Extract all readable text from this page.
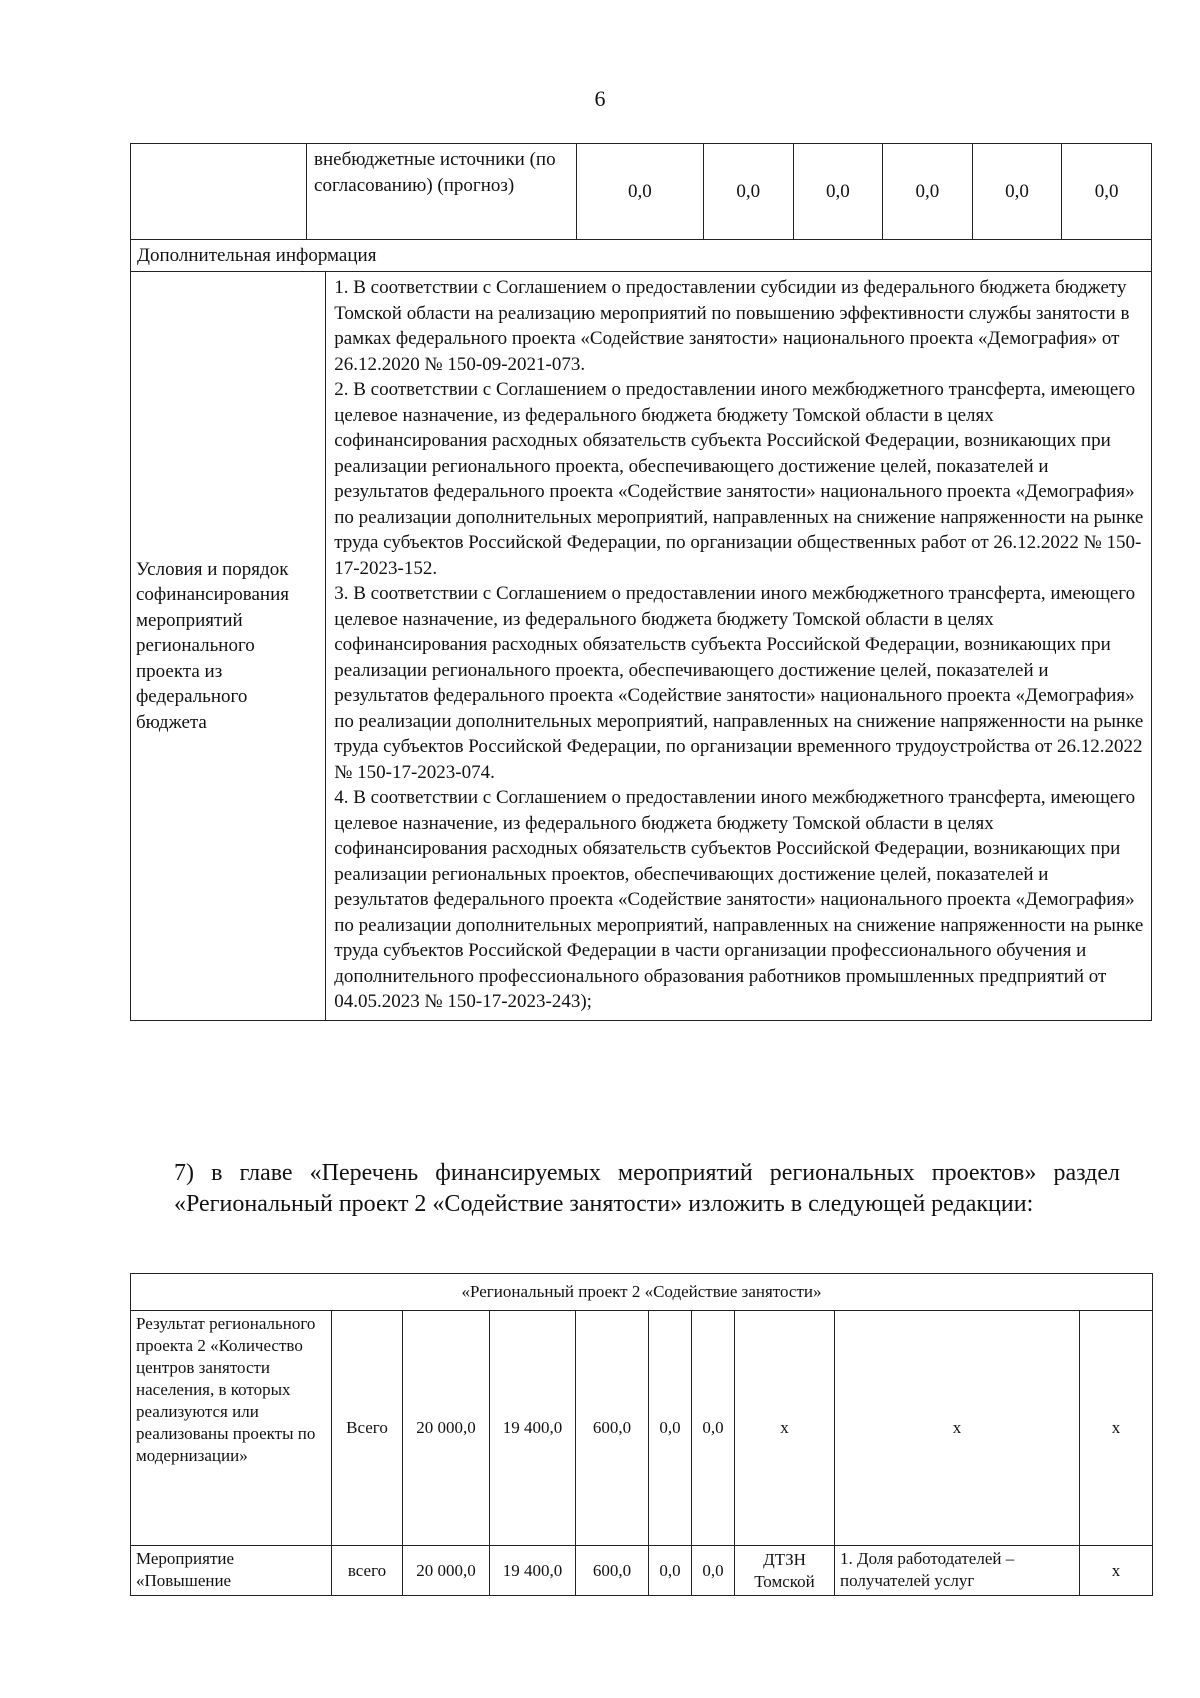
6
	внебюджетные источники (по согласованию) (прогноз)		0,0	0,0	0,0	0,0	0,0	0,0
Дополнительная информация								
Условия и порядок софинансирования мероприятий регионального проекта из федерального бюджета		1. В соответствии с Соглашением о предоставлении субсидии из федерального бюджета бюджету Томской области на реализацию мероприятий по повышению эффективности службы занятости в рамках федерального проекта «Содействие занятости» национального проекта «Демография» от 26.12.2020 № 150-09-2021-073.

2. В соответствии с Соглашением о предоставлении иного межбюджетного трансферта, имеющего целевое назначение, из федерального бюджета бюджету Томской области в целях софинансирования расходных обязательств субъекта Российской Федерации, возникающих при реализации регионального проекта, обеспечивающего достижение целей, показателей и результатов федерального проекта «Содействие занятости» национального проекта «Демография» по реализации дополнительных мероприятий, направленных на снижение напряженности на рынке труда субъектов Российской Федерации, по организации общественных работ от 26.12.2022 № 150-17-2023-152.

3. В соответствии с Соглашением о предоставлении иного межбюджетного трансферта, имеющего целевое назначение, из федерального бюджета бюджету Томской области в целях софинансирования расходных обязательств субъекта Российской Федерации, возникающих при реализации регионального проекта, обеспечивающего достижение целей, показателей и результатов федерального проекта «Содействие занятости» национального проекта «Демография» по реализации дополнительных мероприятий, направленных на снижение напряженности на рынке труда субъектов Российской Федерации, по организации временного трудоустройства от 26.12.2022 № 150-17-2023-074.

4. В соответствии с Соглашением о предоставлении иного межбюджетного трансферта, имеющего целевое назначение, из федерального бюджета бюджету Томской области в целях софинансирования расходных обязательств субъектов Российской Федерации, возникающих при реализации региональных проектов, обеспечивающих достижение целей, показателей и результатов федерального проекта «Содействие занятости» национального проекта «Демография» по реализации дополнительных мероприятий, направленных на снижение напряженности на рынке труда субъектов Российской Федерации в части организации профессионального обучения и дополнительного профессионального образования работников промышленных предприятий от 04.05.2023 № 150-17-2023-243);						

7) в главе «Перечень финансируемых мероприятий региональных проектов» раздел «Региональный проект 2 «Содействие занятости» изложить в следующей редакции:
«Региональный проект 2 «Содействие занятости»									
Результат регионального проекта 2 «Количество центров занятости населения, в которых реализуются или реализованы проекты по модернизации»	Всего	20 000,0	19 400,0	600,0	0,0	0,0	х	х	х
Мероприятие «Повышение	всего	20 000,0	19 400,0	600,0	0,0	0,0	ДТЗН Томской	1. Доля работодателей – получателей услуг	х
